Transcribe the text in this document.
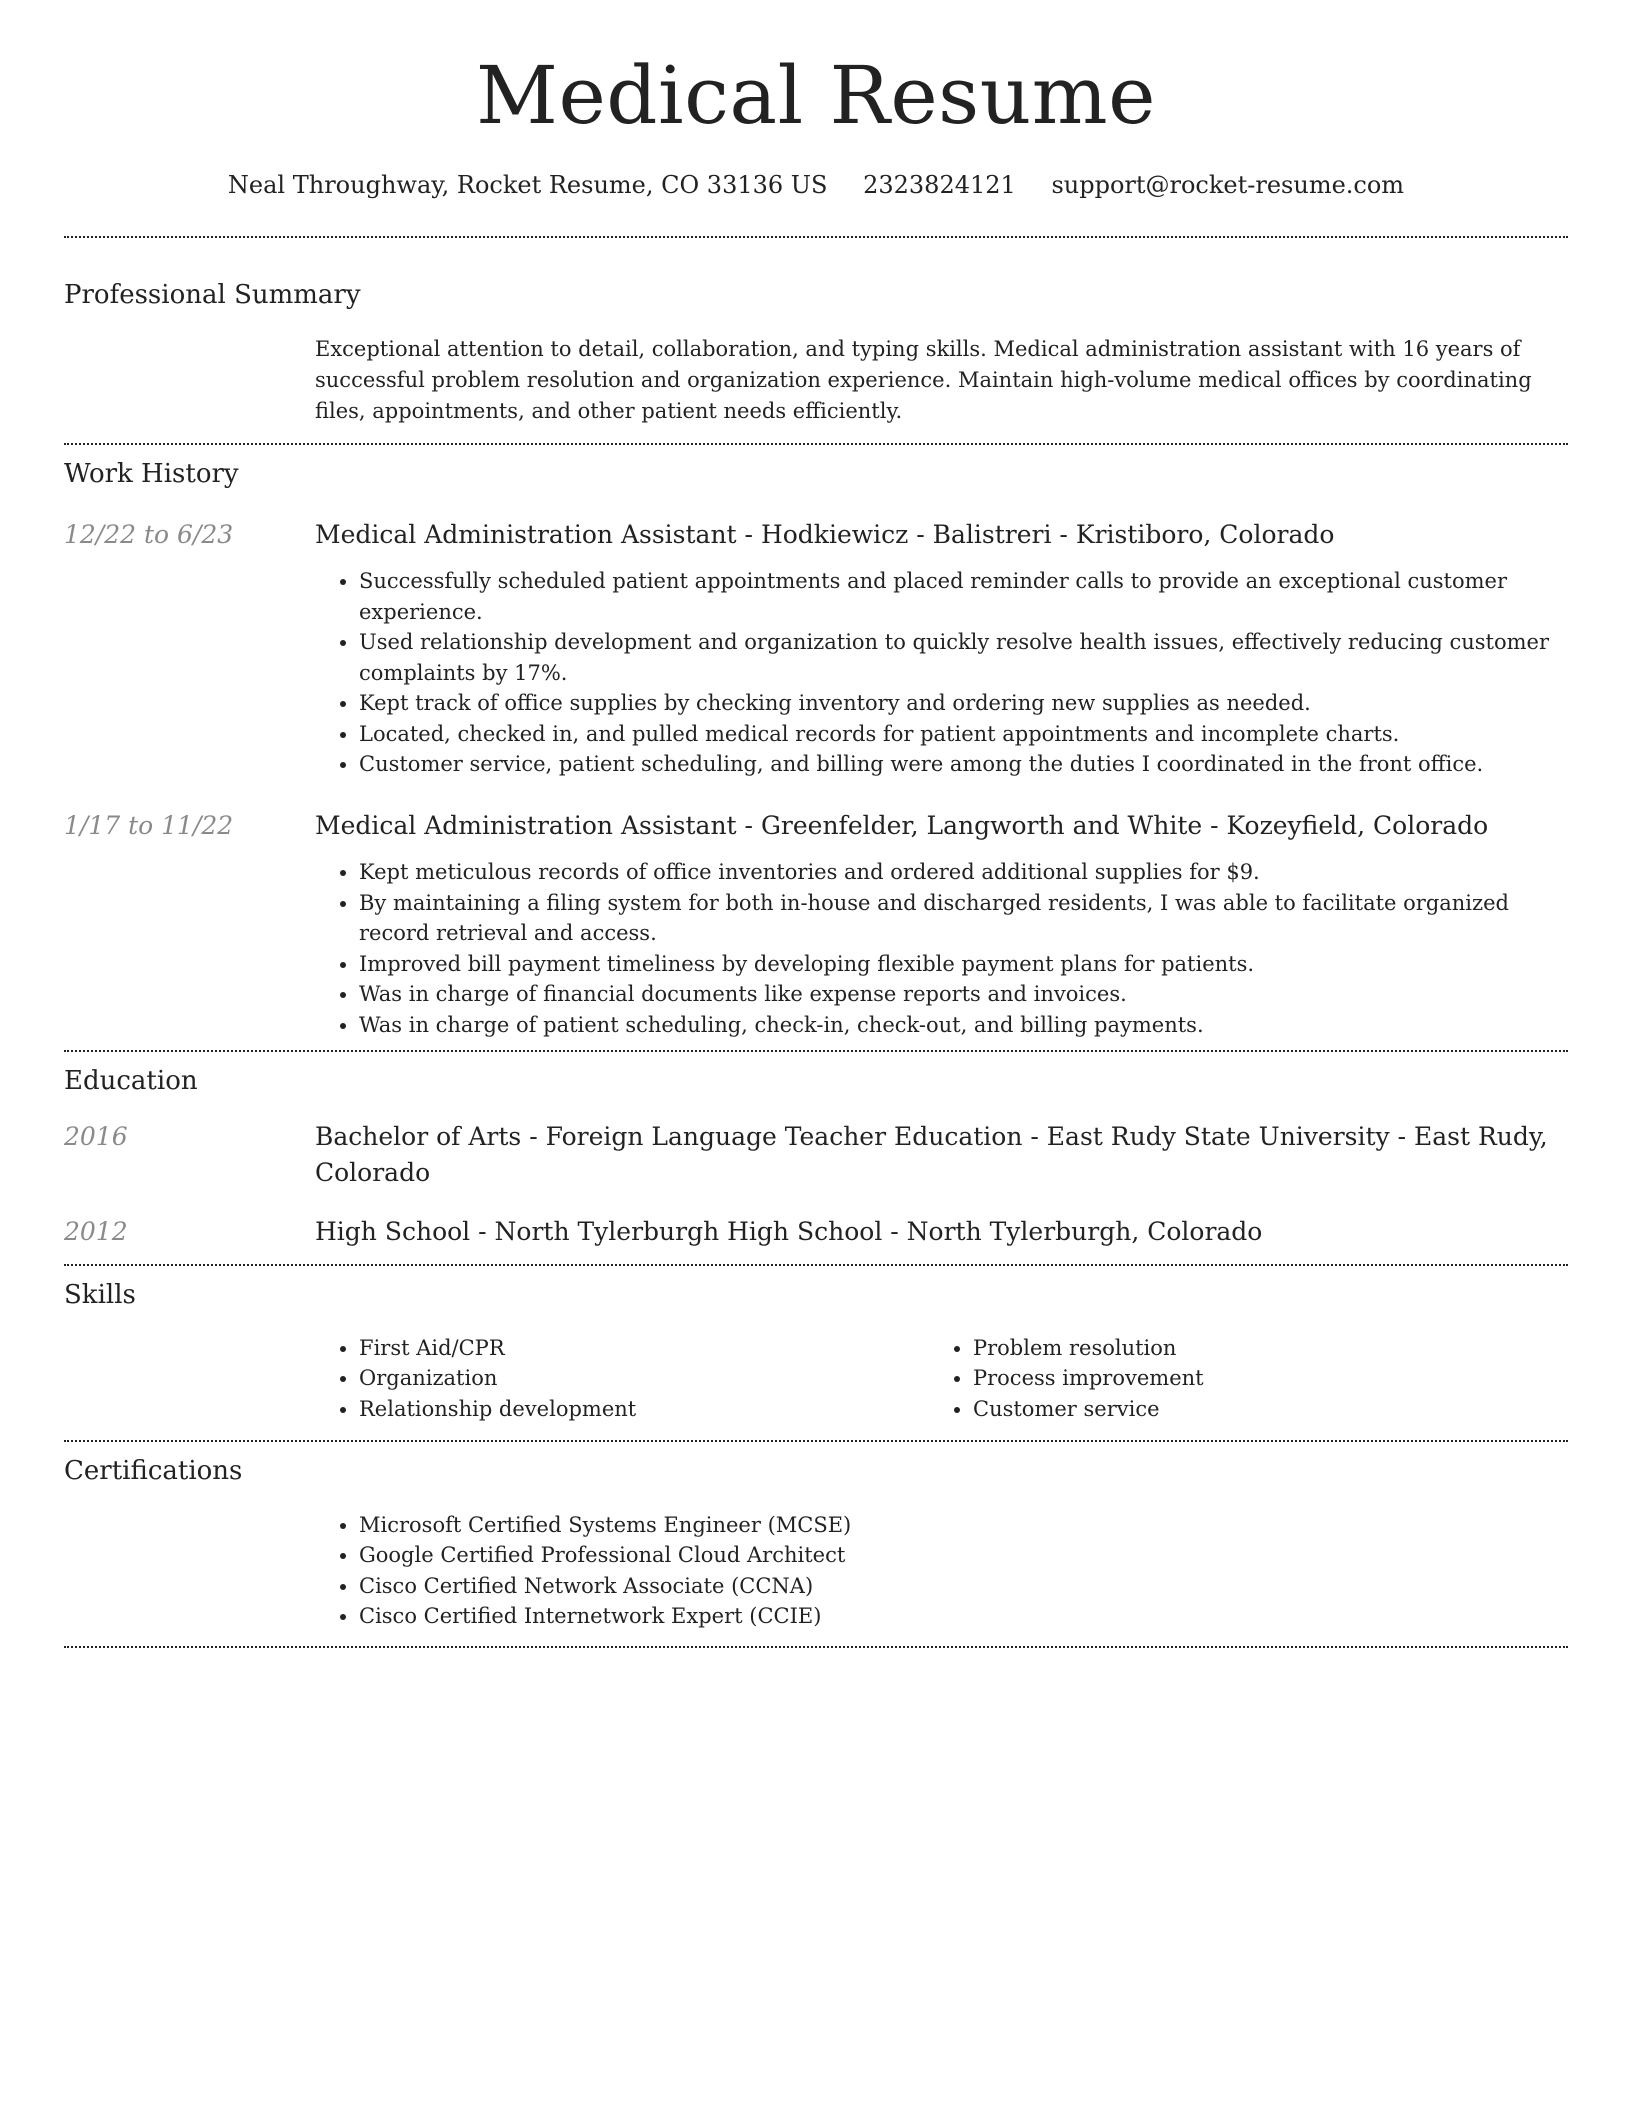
Medical Resume
Neal Throughway, Rocket Resume, CO 33136 US 2323824121 support@rocket-resume.com
Professional Summary
Exceptional attention to detail, collaboration, and typing skills. Medical administration assistant with 16 years of successful problem resolution and organization experience. Maintain high-volume medical offices by coordinating files, appointments, and other patient needs efficiently.
Work History
12/22 to 6/23	Medical Administration Assistant - Hodkiewicz - Balistreri - Kristiboro, Colorado
• Successfully scheduled patient appointments and placed reminder calls to provide an exceptional customer experience.
• Used relationship development and organization to quickly resolve health issues, effectively reducing customer complaints by 17%.
• Kept track of office supplies by checking inventory and ordering new supplies as needed.
• Located, checked in, and pulled medical records for patient appointments and incomplete charts.
• Customer service, patient scheduling, and billing were among the duties I coordinated in the front office.
1/17 to 11/22	Medical Administration Assistant - Greenfelder, Langworth and White - Kozeyfield, Colorado
• Kept meticulous records of office inventories and ordered additional supplies for $9.
• By maintaining a filing system for both in-house and discharged residents, I was able to facilitate organized record retrieval and access.
• Improved bill payment timeliness by developing flexible payment plans for patients.
• Was in charge of financial documents like expense reports and invoices.
• Was in charge of patient scheduling, check-in, check-out, and billing payments.
Education
2016	Bachelor of Arts - Foreign Language Teacher Education - East Rudy State University - East Rudy, Colorado
2012	High School - North Tylerburgh High School - North Tylerburgh, Colorado
Skills
• First Aid/CPR
• Organization
• Relationship development
• Problem resolution
• Process improvement
• Customer service
Certifications
• Microsoft Certified Systems Engineer (MCSE)
• Google Certified Professional Cloud Architect
• Cisco Certified Network Associate (CCNA)
• Cisco Certified Internetwork Expert (CCIE)
